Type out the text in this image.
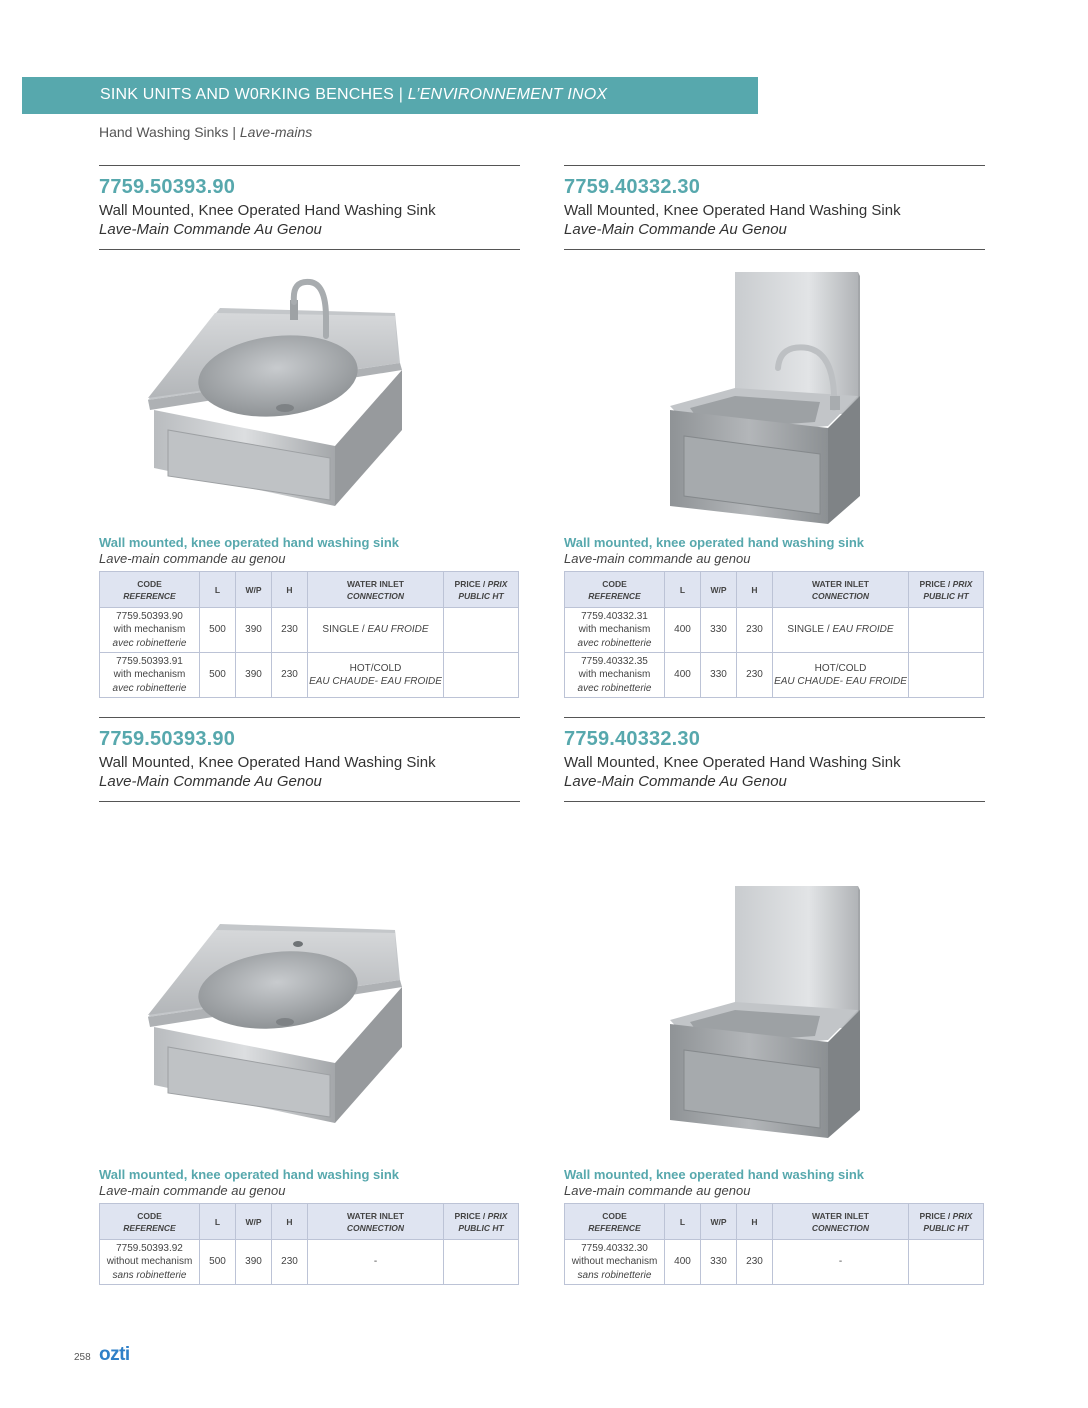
SINK UNITS AND W0RKING BENCHES | L’ENVIRONNEMENT INOX
Hand Washing Sinks | Lave-mains
7759.50393.90
Wall Mounted, Knee Operated Hand Washing Sink
Lave-Main Commande Au Genou
Wall mounted, knee operated hand washing sink
Lave-main commande au genou
CODE
REFERENCE	L	W/P	H	WATER INLET
CONNECTION	PRICE / PRIX
PUBLIC HT
7759.50393.90
with mechanism
avec robinetterie	500	390	230	SINGLE / EAU FROIDE	
7759.50393.91
with mechanism
avec robinetterie	500	390	230	HOT/COLD
EAU CHAUDE- EAU FROIDE	
7759.40332.30
Wall Mounted, Knee Operated Hand Washing Sink
Lave-Main Commande Au Genou
Wall mounted, knee operated hand washing sink
Lave-main commande au genou
CODE
REFERENCE	L	W/P	H	WATER INLET
CONNECTION	PRICE / PRIX
PUBLIC HT
7759.40332.31
with mechanism
avec robinetterie	400	330	230	SINGLE / EAU FROIDE	
7759.40332.35
with mechanism
avec robinetterie	400	330	230	HOT/COLD
EAU CHAUDE- EAU FROIDE	
7759.50393.90
Wall Mounted, Knee Operated Hand Washing Sink
Lave-Main Commande Au Genou
Wall mounted, knee operated hand washing sink
Lave-main commande au genou
CODE
REFERENCE	L	W/P	H	WATER INLET
CONNECTION	PRICE / PRIX
PUBLIC HT
7759.50393.92
without mechanism
sans robinetterie	500	390	230	-	
7759.40332.30
Wall Mounted, Knee Operated Hand Washing Sink
Lave-Main Commande Au Genou
Wall mounted, knee operated hand washing sink
Lave-main commande au genou
CODE
REFERENCE	L	W/P	H	WATER INLET
CONNECTION	PRICE / PRIX
PUBLIC HT
7759.40332.30
without mechanism
sans robinetterie	400	330	230	-	
258 ozti
